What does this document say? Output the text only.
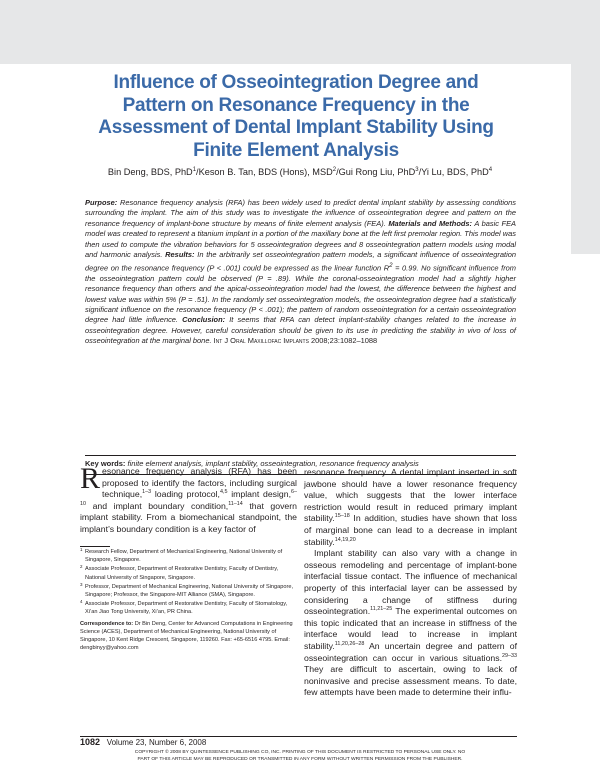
Influence of Osseointegration Degree and
Pattern on Resonance Frequency in the
Assessment of Dental Implant Stability Using
Finite Element Analysis
Bin Deng, BDS, PhD$^1$/Keson B. Tan, BDS (Hons), MSD$^2$/Gui Rong Liu, PhD$^3$/Yi Lu, BDS, PhD$^4$
Purpose: Resonance frequency analysis (RFA) has been widely used to predict dental implant stability by assessing conditions surrounding the implant. The aim of this study was to investigate the influence of osseointegration degree and pattern on the resonance frequency of implant-bone structure by means of finite element analysis (FEA). Materials and Methods: A basic FEA model was created to represent a titanium implant in a portion of the maxillary bone at the left first premolar region. This model was then used to compute the vibration behaviors for 5 osseointegration degrees and 8 osseointegration pattern models using modal and harmonic analysis. Results: In the arbitrarily set osseointegration pattern models, a significant influence of osseointegration degree on the resonance frequency (P < .001) could be expressed as the linear function $R^2 = 0.99$. No significant influence from the osseointegration pattern could be observed (P = .89). While the coronal-osseointegration model had a slightly higher resonance frequency than others and the apical-osseointegration model had the lowest, the difference between the highest and lowest value was within 5% (P = .51). In the randomly set osseointegration models, the osseointegration degree had a statistically significant influence on the resonance frequency (P < .001); the pattern of random osseointegration for a certain osseointegration degree had little influence. Conclusion: It seems that RFA can detect implant-stability changes related to the increase in osseointegration degree. However, careful consideration should be given to its use in predicting the stability in vivo of loss of osseointegration at the marginal bone. Int J Oral Maxillofac Implants 2008;23:1082–1088
Key words: finite element analysis, implant stability, osseointegration, resonance frequency analysis
Resonance frequency analysis (RFA) has been proposed to identify the factors, including surgical technique,$^{1-3}$ loading protocol,$^{4,5}$ implant design,$^{6-10}$ and implant boundary condition,$^{11-14}$ that govern implant stability. From a biomechanical standpoint, the implant’s boundary condition is a key factor of
1 Research Fellow, Department of Mechanical Engineering, National University of Singapore, Singapore.
2 Associate Professor, Department of Restorative Dentistry, Faculty of Dentistry, National University of Singapore, Singapore.
3 Professor, Department of Mechanical Engineering, National University of Singapore, Singapore; Professor, the Singapore-MIT Alliance (SMA), Singapore.
4 Associate Professor, Department of Restorative Dentistry, Faculty of Stomatology, Xi’an Jiao Tong University, Xi’an, PR China.
Correspondence to: Dr Bin Deng, Center for Advanced Computations in Engineering Science (ACES), Department of Mechanical Engineering, National University of Singapore, 10 Kent Ridge Crescent, Singapore, 119260. Fax: +65-6516 4795. Email: dengbinyy@yahoo.com
resonance frequency. A dental implant inserted in soft jawbone should have a lower resonance frequency value, which suggests that the lower interface restriction would result in reduced primary implant stability.$^{15-18}$ In addition, studies have shown that loss of marginal bone can lead to a decrease in implant stability.$^{14,19,20}$
Implant stability can also vary with a change in osseous remodeling and percentage of implant-bone interfacial tissue contact. The influence of mechanical property of this interfacial layer can be assessed by considering a change of stiffness during osseointegration.$^{11,21-25}$ The experimental outcomes on this topic indicated that an increase in stiffness of the interface would lead to increase in implant stability.$^{11,20,26-28}$ An uncertain degree and pattern of osseointegration can occur in various situations.$^{29-33}$ They are difficult to ascertain, owing to lack of noninvasive and precise assessment means. To date, few attempts have been made to determine their influ-
1082   Volume 23, Number 6, 2008
COPYRIGHT © 2008 BY QUINTESSENCE PUBLISHING CO, INC. PRINTING OF THIS DOCUMENT IS RESTRICTED TO PERSONAL USE ONLY. NO
PART OF THIS ARTICLE MAY BE REPRODUCED OR TRANSMITTED IN ANY FORM WITHOUT WRITTEN PERMISSION FROM THE PUBLISHER.
